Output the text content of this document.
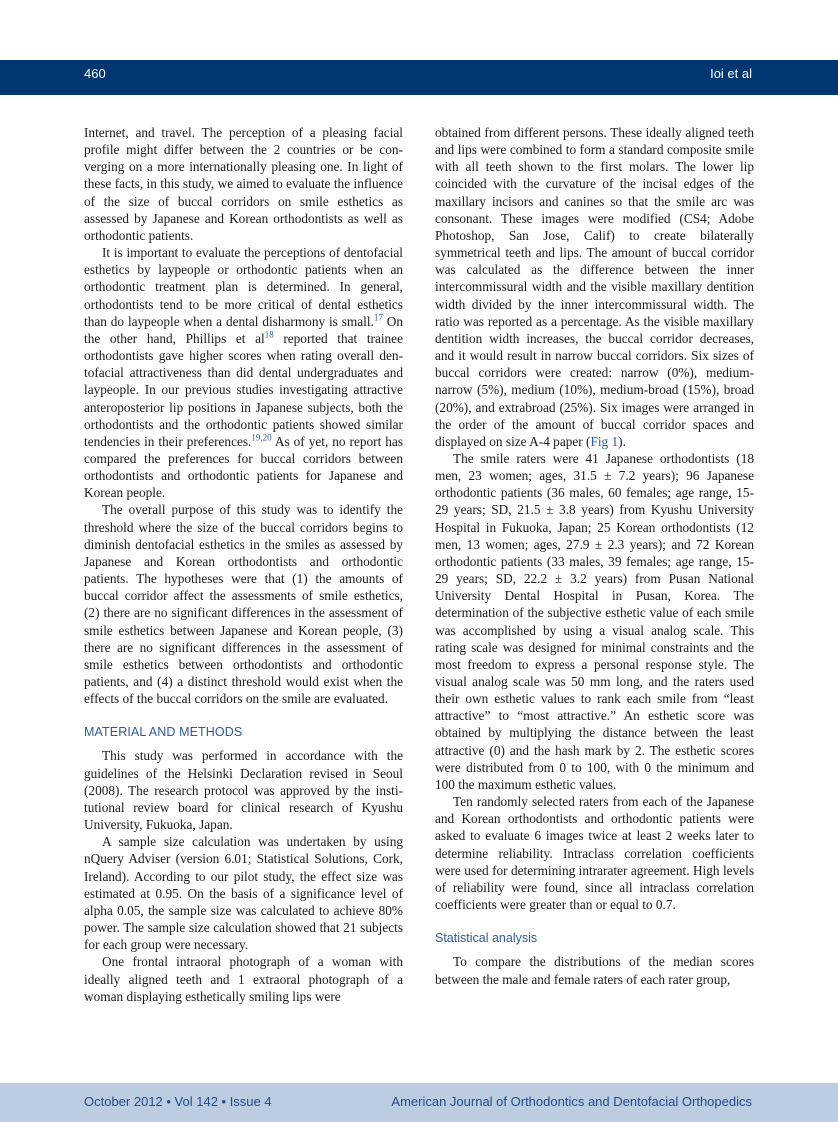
460	Ioi et al

Internet, and travel. The perception of a pleasing facial profile might differ between the 2 countries or be converging on a more internationally pleasing one. In light of these facts, in this study, we aimed to evaluate the influence of the size of buccal corridors on smile esthetics as assessed by Japanese and Korean orthodontists as well as orthodontic patients.

It is important to evaluate the perceptions of dentofacial esthetics by laypeople or orthodontic patients when an orthodontic treatment plan is determined. In general, orthodontists tend to be more critical of dental esthetics than do laypeople when a dental disharmony is small.$^{17}$ On the other hand, Phillips et $al^{18}$ reported that trainee orthodontists gave higher scores when rating overall dentofacial attractiveness than did dental undergraduates and laypeople. In our previous studies investigating attractive anteroposterior lip positions in Japanese subjects, both the orthodontists and the orthodontic patients showed similar tendencies in their preferences.$^{19,20}$ As of yet, no report has compared the preferences for buccal corridors between orthodontists and orthodontic patients for Japanese and Korean people.

The overall purpose of this study was to identify the threshold where the size of the buccal corridors begins to diminish dentofacial esthetics in the smiles as assessed by Japanese and Korean orthodontists and orthodontic patients. The hypotheses were that (1) the amounts of buccal corridor affect the assessments of smile esthetics, (2) there are no significant differences in the assessment of smile esthetics between Japanese and Korean people, (3) there are no significant differences in the assessment of smile esthetics between orthodontists and orthodontic patients, and (4) a distinct threshold would exist when the effects of the buccal corridors on the smile are evaluated.

MATERIAL AND METHODS

This study was performed in accordance with the guidelines of the Helsinki Declaration revised in Seoul (2008). The research protocol was approved by the institutional review board for clinical research of Kyushu University, Fukuoka, Japan.

A sample size calculation was undertaken by using nQuery Adviser (version 6.01; Statistical Solutions, Cork, Ireland). According to our pilot study, the effect size was estimated at 0.95. On the basis of a significance level of alpha 0.05, the sample size was calculated to achieve 80% power. The sample size calculation showed that 21 subjects for each group were necessary.

One frontal intraoral photograph of a woman with ideally aligned teeth and 1 extraoral photograph of a woman displaying esthetically smiling lips were

obtained from different persons. These ideally aligned teeth and lips were combined to form a standard composite smile with all teeth shown to the first molars. The lower lip coincided with the curvature of the incisal edges of the maxillary incisors and canines so that the smile arc was consonant. These images were modified (CS4; Adobe Photoshop, San Jose, Calif) to create bilaterally symmetrical teeth and lips. The amount of buccal corridor was calculated as the difference between the inner intercommissural width and the visible maxillary dentition width divided by the inner intercommissural width. The ratio was reported as a percentage. As the visible maxillary dentition width increases, the buccal corridor decreases, and it would result in narrow buccal corridors. Six sizes of buccal corridors were created: narrow (0%), medium-narrow (5%), medium (10%), medium-broad (15%), broad (20%), and extrabroad (25%). Six images were arranged in the order of the amount of buccal corridor spaces and displayed on size A-4 paper (Fig 1).

The smile raters were 41 Japanese orthodontists (18 men, 23 women; ages, 31.5 ± 7.2 years); 96 Japanese orthodontic patients (36 males, 60 females; age range, 15-29 years; SD, 21.5 ± 3.8 years) from Kyushu University Hospital in Fukuoka, Japan; 25 Korean orthodontists (12 men, 13 women; ages, 27.9 ± 2.3 years); and 72 Korean orthodontic patients (33 males, 39 females; age range, 15-29 years; SD, 22.2 ± 3.2 years) from Pusan National University Dental Hospital in Pusan, Korea. The determination of the subjective esthetic value of each smile was accomplished by using a visual analog scale. This rating scale was designed for minimal constraints and the most freedom to express a personal response style. The visual analog scale was 50 mm long, and the raters used their own esthetic values to rank each smile from “least attractive” to “most attractive.” An esthetic score was obtained by multiplying the distance between the least attractive (0) and the hash mark by 2. The esthetic scores were distributed from 0 to 100, with 0 the minimum and 100 the maximum esthetic values.

Ten randomly selected raters from each of the Japanese and Korean orthodontists and orthodontic patients were asked to evaluate 6 images twice at least 2 weeks later to determine reliability. Intraclass correlation coefficients were used for determining intrarater agreement. High levels of reliability were found, since all intraclass correlation coefficients were greater than or equal to 0.7.

Statistical analysis

To compare the distributions of the median scores between the male and female raters of each rater group,

October 2012 • Vol 142 • Issue 4	American Journal of Orthodontics and Dentofacial Orthopedics
